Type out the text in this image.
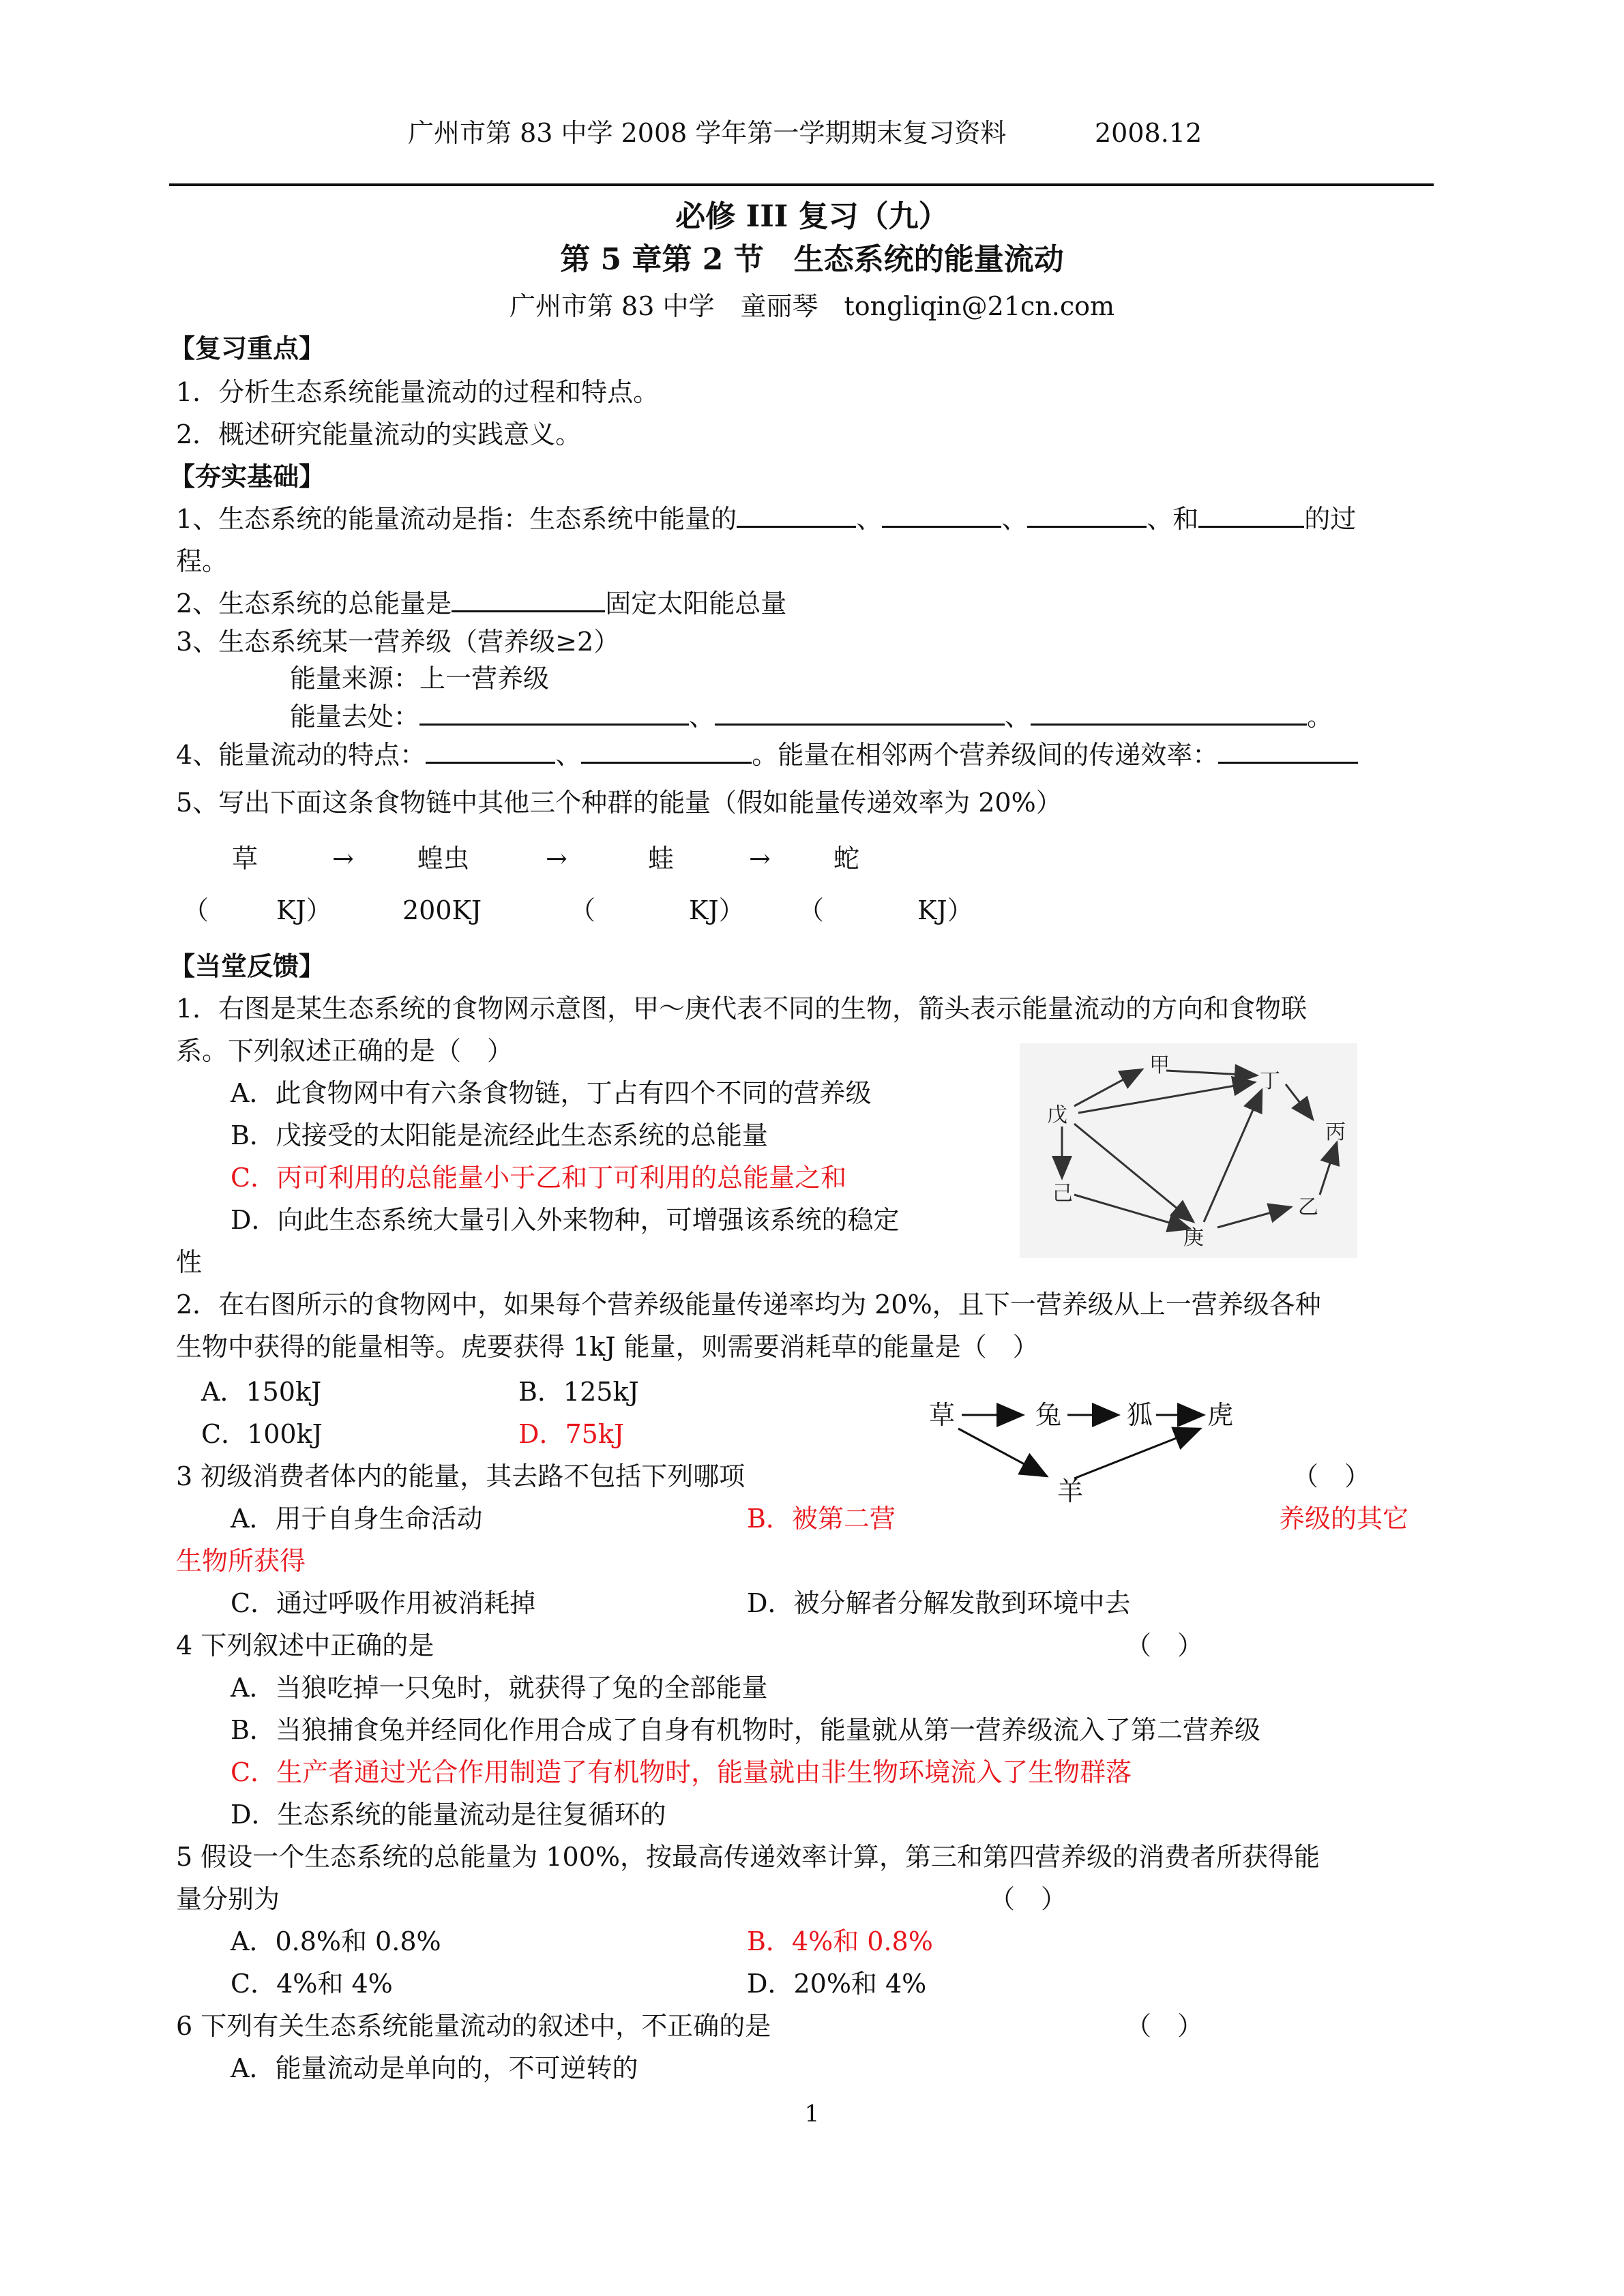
广州市第 83 中学 2008 学年第一学期期末复习资料	2008.12
必修 III 复习（九）
第 5 章第 2 节　生态系统的能量流动
广州市第 83 中学　童丽琴　tongliqin@21cn.com
【复习重点】
1．分析生态系统能量流动的过程和特点。
2．概述研究能量流动的实践意义。
【夯实基础】
1、生态系统的能量流动是指：生态系统中能量的	、	、	、和	的过
程。
2、生态系统的总能量是	固定太阳能总量
3、生态系统某一营养级（营养级≥2）
能量来源：上一营养级
能量去处：	、	、	。
4、能量流动的特点：	、	。能量在相邻两个营养级间的传递效率：
5、写出下面这条食物链中其他三个种群的能量（假如能量传递效率为 20%）
草	→ 蝗虫	→	蛙	→ 蛇
（	KJ）	200KJ	（	KJ） （	KJ）
【当堂反馈】
1．右图是某生态系统的食物网示意图，甲～庚代表不同的生物，箭头表示能量流动的方向和食物联
系。下列叙述正确的是（　）
A．此食物网中有六条食物链，丁占有四个不同的营养级
B．戊接受的太阳能是流经此生态系统的总能量
C．丙可利用的总能量小于乙和丁可利用的总能量之和
D．向此生态系统大量引入外来物种，可增强该系统的稳定
性
甲
丁
戊
丙
己
乙
庚
2．在右图所示的食物网中，如果每个营养级能量传递率均为 20%，且下一营养级从上一营养级各种
生物中获得的能量相等。虎要获得 1kJ 能量，则需要消耗草的能量是（　）
A．150kJ	B．125kJ
C．100kJ	D．75kJ
草	兔	狐 虎
羊
3 初级消费者体内的能量，其去路不包括下列哪项	（　）
A．用于自身生命活动	B．被第二营	养级的其它
生物所获得
C．通过呼吸作用被消耗掉	D．被分解者分解发散到环境中去
4 下列叙述中正确的是	（　）
A．当狼吃掉一只兔时，就获得了兔的全部能量
B．当狼捕食兔并经同化作用合成了自身有机物时，能量就从第一营养级流入了第二营养级
C．生产者通过光合作用制造了有机物时，能量就由非生物环境流入了生物群落
D．生态系统的能量流动是往复循环的
5 假设一个生态系统的总能量为 100%，按最高传递效率计算，第三和第四营养级的消费者所获得能
量分别为	（　）
A．0.8%和 0.8%	B．4%和 0.8%
C．4%和 4%	D．20%和 4%
6 下列有关生态系统能量流动的叙述中，不正确的是	（　）
A．能量流动是单向的，不可逆转的
1
